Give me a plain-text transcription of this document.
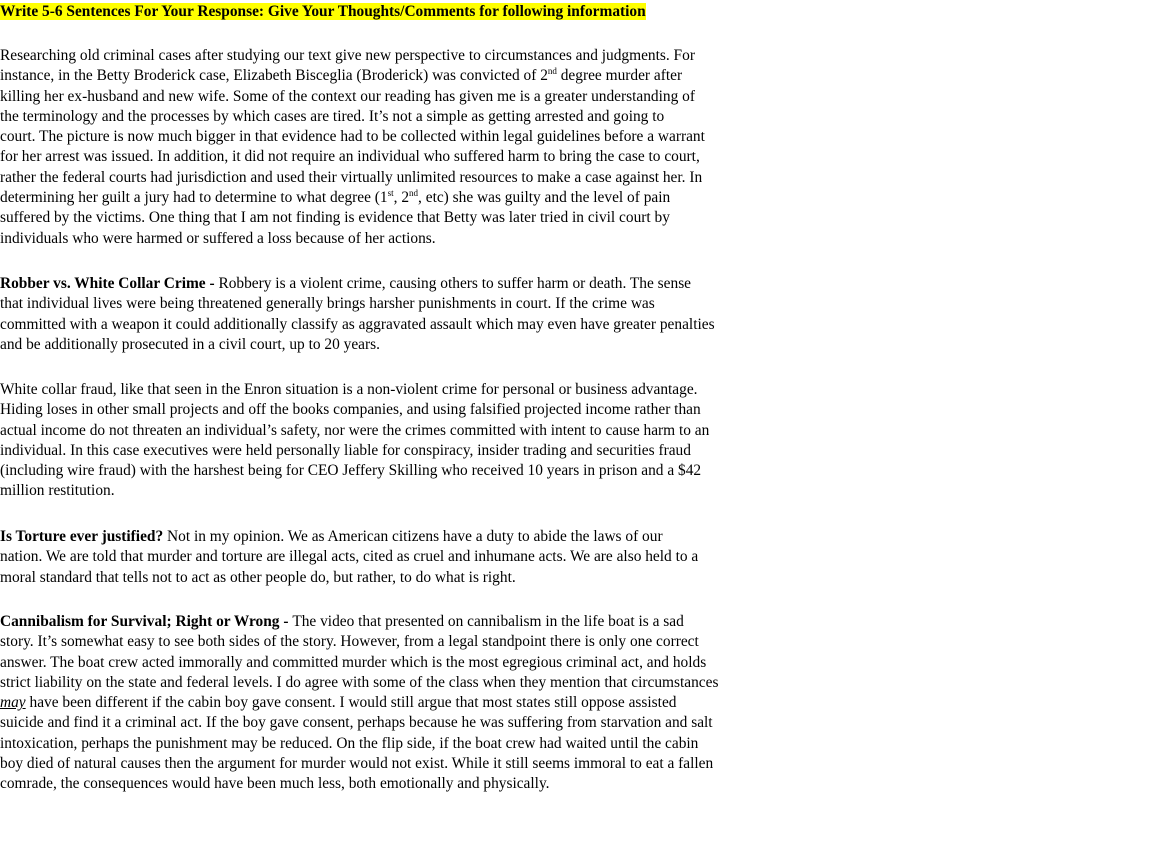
Write 5-6 Sentences For Your Response: Give Your Thoughts/Comments for following information
Researching old criminal cases after studying our text give new perspective to circumstances and judgments. For
instance, in the Betty Broderick case, Elizabeth Bisceglia (Broderick) was convicted of 2nd degree murder after
killing her ex-husband and new wife. Some of the context our reading has given me is a greater understanding of
the terminology and the processes by which cases are tired. It’s not a simple as getting arrested and going to
court. The picture is now much bigger in that evidence had to be collected within legal guidelines before a warrant
for her arrest was issued. In addition, it did not require an individual who suffered harm to bring the case to court,
rather the federal courts had jurisdiction and used their virtually unlimited resources to make a case against her. In
determining her guilt a jury had to determine to what degree (1st, 2nd, etc) she was guilty and the level of pain
suffered by the victims. One thing that I am not finding is evidence that Betty was later tried in civil court by
individuals who were harmed or suffered a loss because of her actions.
Robber vs. White Collar Crime - Robbery is a violent crime, causing others to suffer harm or death. The sense
that individual lives were being threatened generally brings harsher punishments in court. If the crime was
committed with a weapon it could additionally classify as aggravated assault which may even have greater penalties
and be additionally prosecuted in a civil court, up to 20 years.
White collar fraud, like that seen in the Enron situation is a non-violent crime for personal or business advantage.
Hiding loses in other small projects and off the books companies, and using falsified projected income rather than
actual income do not threaten an individual’s safety, nor were the crimes committed with intent to cause harm to an
individual. In this case executives were held personally liable for conspiracy, insider trading and securities fraud
(including wire fraud) with the harshest being for CEO Jeffery Skilling who received 10 years in prison and a $42
million restitution.
Is Torture ever justified? Not in my opinion. We as American citizens have a duty to abide the laws of our
nation. We are told that murder and torture are illegal acts, cited as cruel and inhumane acts. We are also held to a
moral standard that tells not to act as other people do, but rather, to do what is right.
Cannibalism for Survival; Right or Wrong - The video that presented on cannibalism in the life boat is a sad
story. It’s somewhat easy to see both sides of the story. However, from a legal standpoint there is only one correct
answer. The boat crew acted immorally and committed murder which is the most egregious criminal act, and holds
strict liability on the state and federal levels. I do agree with some of the class when they mention that circumstances
may have been different if the cabin boy gave consent. I would still argue that most states still oppose assisted
suicide and find it a criminal act. If the boy gave consent, perhaps because he was suffering from starvation and salt
intoxication, perhaps the punishment may be reduced. On the flip side, if the boat crew had waited until the cabin
boy died of natural causes then the argument for murder would not exist. While it still seems immoral to eat a fallen
comrade, the consequences would have been much less, both emotionally and physically.
